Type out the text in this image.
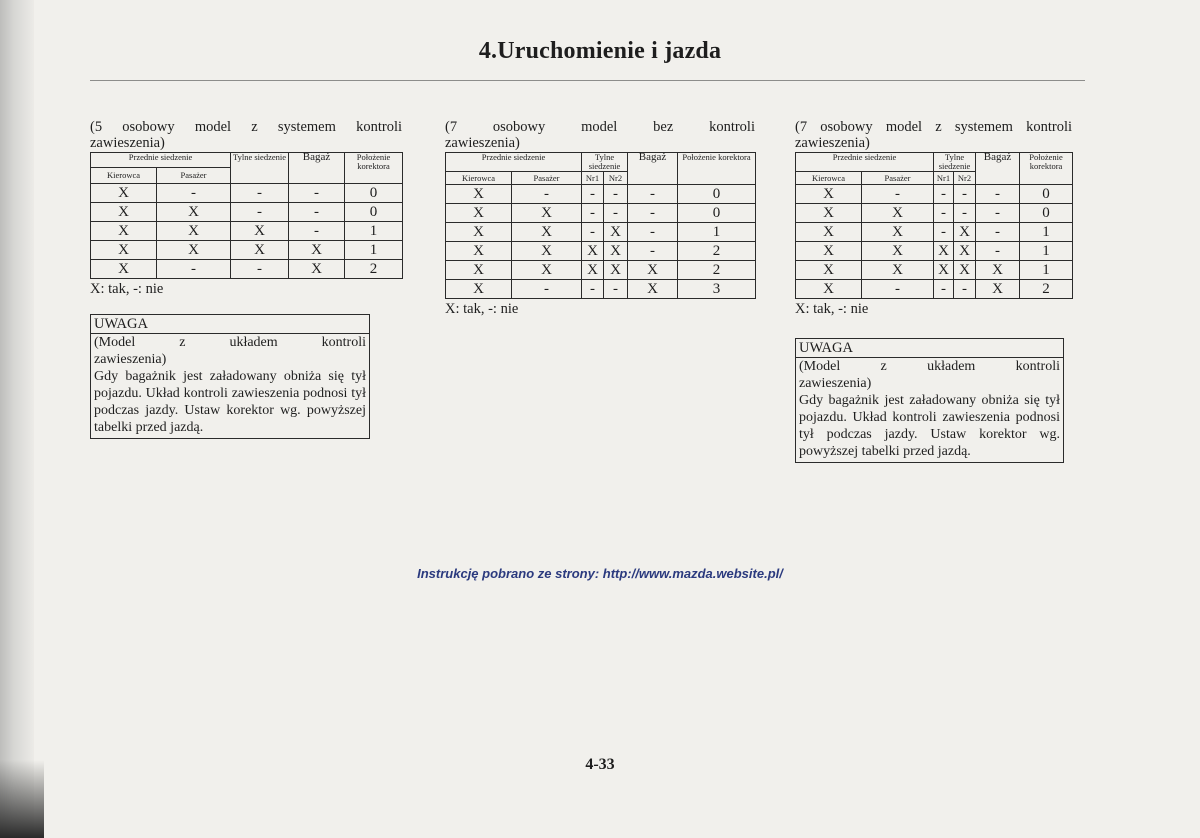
4.Uruchomienie i jazda
(5 osobowy model z systemem kontroli
zawieszenia)
Przednie siedzenie		Tylne siedzenie	Bagaż	Położenie korektora
Kierowca	Pasażer			
X	-	-	-	0
X	X	-	-	0
X	X	X	-	1
X	X	X	X	1
X	-	-	X	2
X: tak, -: nie
UWAGA
(Model z układem kontroli
zawieszenia)
Gdy bagażnik jest załadowany obniża się tył pojazdu. Układ kontroli zawieszenia podnosi tył podczas jazdy. Ustaw korektor wg. powyższej tabelki przed jazdą.
(7 osobowy model bez kontroli
zawieszenia)
Przednie siedzenie		Tylne siedzenie		Bagaż	Położenie korektora
Kierowca	Pasażer	Nr1	Nr2		
X	-	-	-	-	0
X	X	-	-	-	0
X	X	-	X	-	1
X	X	X	X	-	2
X	X	X	X	X	2
X	-	-	-	X	3
X: tak, -: nie
(7 osobowy model z systemem kontroli
zawieszenia)
Przednie siedzenie		Tylne siedzenie		Bagaż	Położenie korektora
Kierowca	Pasażer	Nr1	Nr2		
X	-	-	-	-	0
X	X	-	-	-	0
X	X	-	X	-	1
X	X	X	X	-	1
X	X	X	X	X	1
X	-	-	-	X	2
X: tak, -: nie
UWAGA
(Model z układem kontroli
zawieszenia)
Gdy bagażnik jest załadowany obniża się tył pojazdu. Układ kontroli zawieszenia podnosi tył podczas jazdy. Ustaw korektor wg. powyższej tabelki przed jazdą.
Instrukcję pobrano ze strony: http://www.mazda.website.pl/
4-33
